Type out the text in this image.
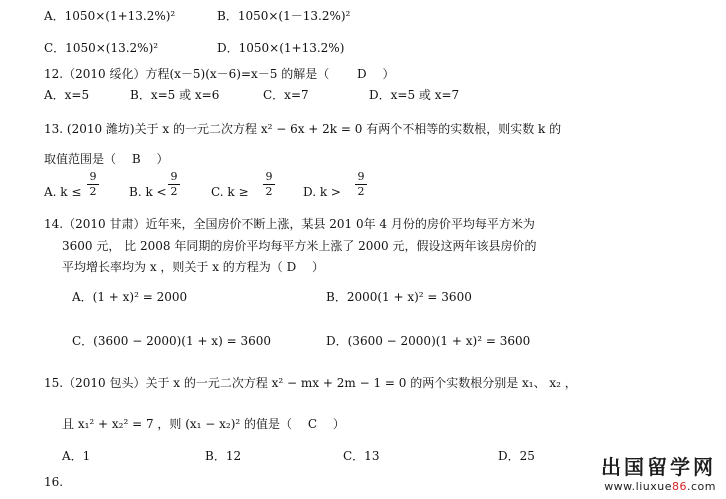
A．1050×(1+13.2%)²	B．1050×(1－13.2%)²
C．1050×(13.2%)²	D．1050×(1+13.2%)
12.（2010 绥化）方程(x－5)(x－6)=x－5 的解是（　　 D　 ）
A．x=5	B．x=5 或 x=6	C．x=7	D．x=5 或 x=7
13. (2010 潍坊)关于 x 的一元二次方程 x² − 6x + 2k = 0 有两个不相等的实数根，则实数 k 的
取值范围是（　 B　 ）
A. k ≤
9
2	B. k <
9
2	C. k ≥
9
2	D. k >
9
2
14.（2010 甘肃）近年来，全国房价不断上涨，某县 201 0年 4 月份的房价平均每平方米为
3600 元， 比 2008 年同期的房价平均每平方米上涨了 2000 元，假设这两年该县房价的
平均增长率均为 x ，则关于 x 的方程为（ D　 ）
A．(1 + x)² = 2000	B．2000(1 + x)² = 3600
C．(3600 − 2000)(1 + x) = 3600	D．(3600 − 2000)(1 + x)² = 3600
15.（2010 包头）关于 x 的一元二次方程 x² − mx + 2m − 1 = 0 的两个实数根分别是 x₁、 x₂ ，
且 x₁² + x₂² = 7 ，则 (x₁ − x₂)² 的值是（　 C　 ）
A．1	B．12	C．13	D．25
16.
出国留学网
www.liuxue86.com
